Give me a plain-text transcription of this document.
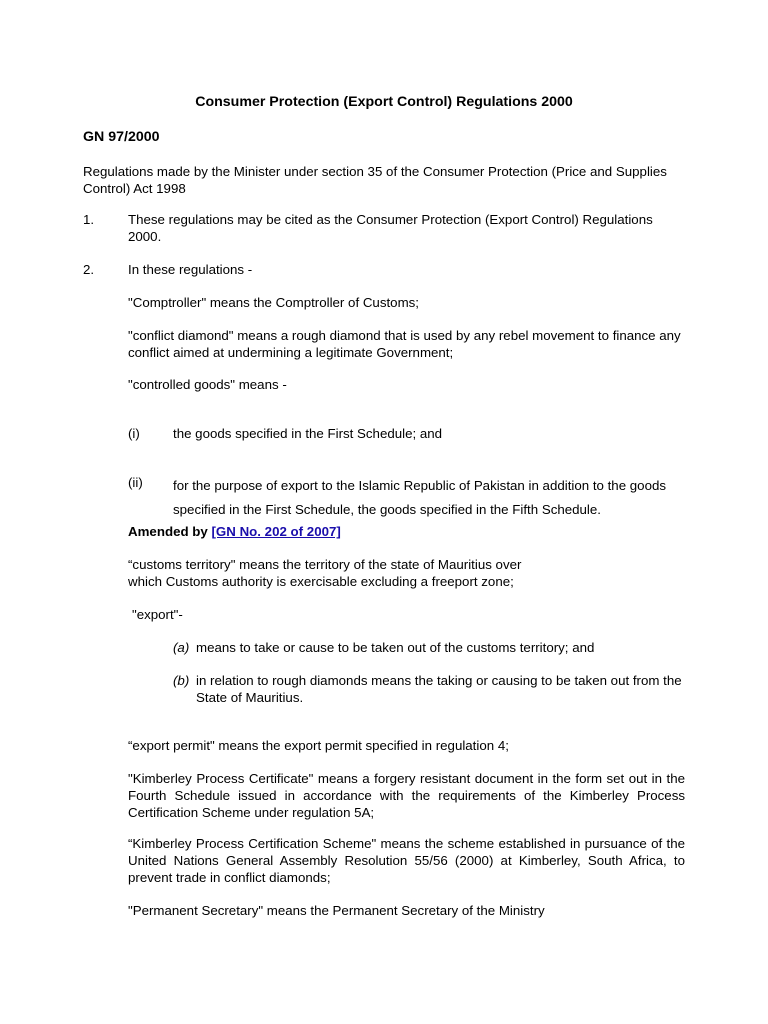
Consumer Protection (Export Control) Regulations 2000
GN 97/2000
Regulations made by the Minister under section 35 of the Consumer Protection (Price and Supplies Control) Act 1998
1.	These regulations may be cited as the Consumer Protection (Export Control) Regulations 2000.
2.	In these regulations -
"Comptroller" means the Comptroller of Customs;
"conflict diamond" means a rough diamond that is used by any rebel movement to finance any conflict aimed at undermining a legitimate Government;
"controlled goods" means -
(i) the goods specified in the First Schedule; and
(ii) for the purpose of export to the Islamic Republic of Pakistan in addition to the goods specified in the First Schedule, the goods specified in the Fifth Schedule.
Amended by [GN No. 202 of 2007]
“customs territory" means the territory of the state of Mauritius over which Customs authority is exercisable excluding a freeport zone;
"export"-
(a) means to take or cause to be taken out of the customs territory; and
(b) in relation to rough diamonds means the taking or causing to be taken out from the State of Mauritius.
“export permit" means the export permit specified in regulation 4;
"Kimberley Process Certificate" means a forgery resistant document in the form set out in the Fourth Schedule issued in accordance with the requirements of the Kimberley Process Certification Scheme under regulation 5A;
“Kimberley Process Certification Scheme" means the scheme established in pursuance of the United Nations General Assembly Resolution 55/56 (2000) at Kimberley, South Africa, to prevent trade in conflict diamonds;
"Permanent Secretary" means the Permanent Secretary of the Ministry
